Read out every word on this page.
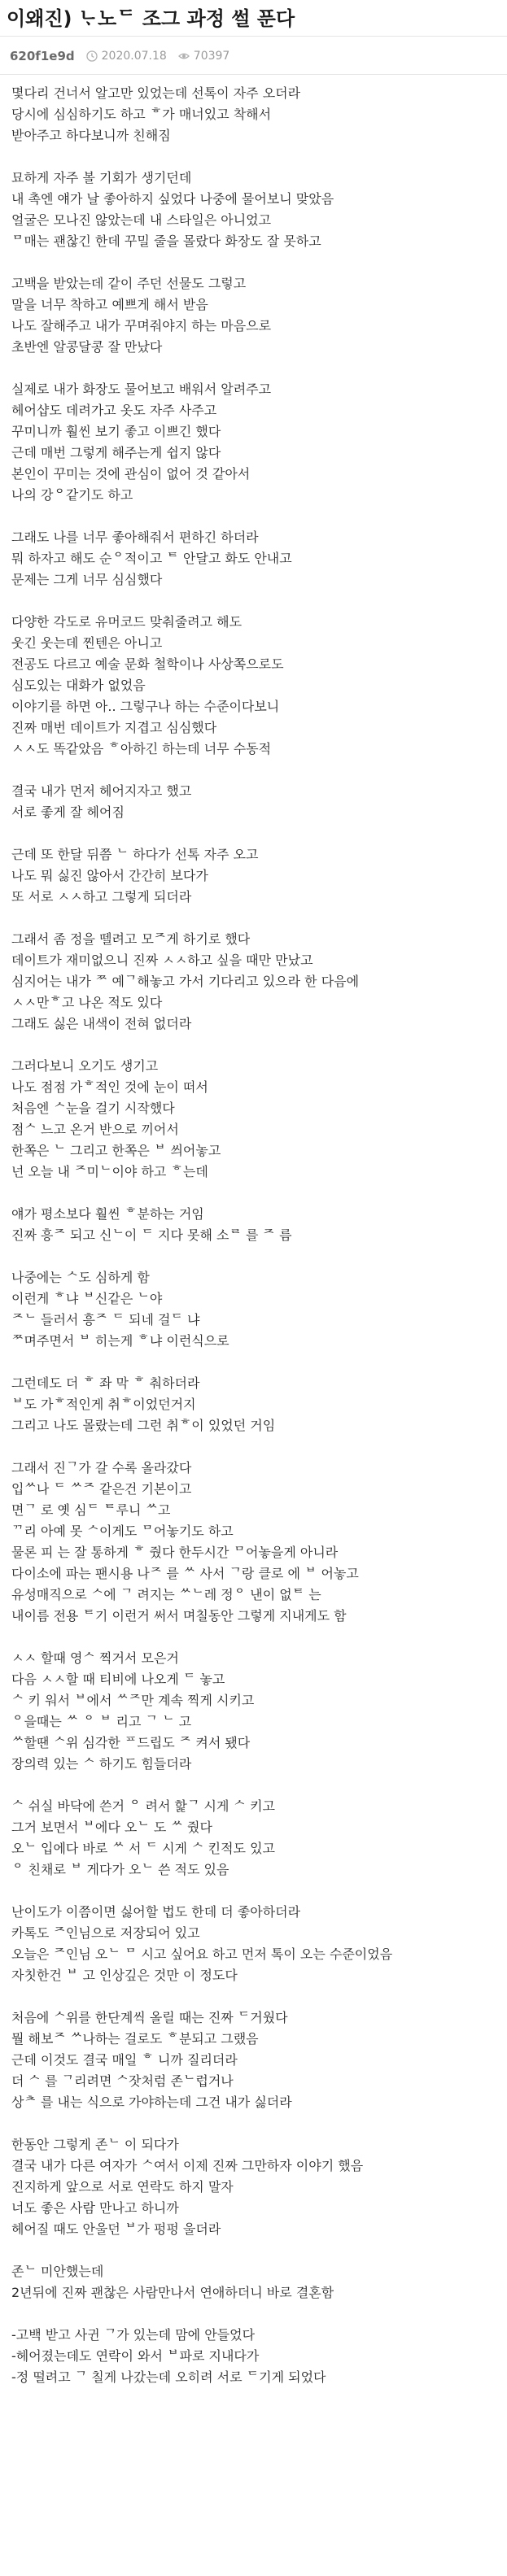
이왜진) ᄂᆞ노ᄃ 조그 과정 썰 푼다
620f1e9d 2020.07.18 70397
몇다리 건너서 알고만 있었는데 선톡이 자주 오더라
당시에 심심하기도 하고 ᄒ가 매너있고 착해서
받아주고 하다보니까 친해짐
묘하게 자주 볼 기회가 생기던데
내 촉엔 얘가 날 좋아하지 싶었다 나중에 물어보니 맞았음
얼굴은 모나진 않았는데 내 스타일은 아니었고
ᄆ매는 괜찮긴 한데 꾸밀 줄을 몰랐다 화장도 잘 못하고
고백을 받았는데 같이 주던 선물도 그렇고
말을 너무 착하고 예쁘게 해서 받음
나도 잘해주고 내가 꾸며줘야지 하는 마음으로
초반엔 알콩달콩 잘 만났다
실제로 내가 화장도 물어보고 배워서 알려주고
헤어샵도 데려가고 옷도 자주 사주고
꾸미니까 훨씬 보기 좋고 이쁘긴 했다
근데 매번 그렇게 해주는게 쉽지 않다
본인이 꾸미는 것에 관심이 없어 것 같아서
나의 강ᄋ같기도 하고
그래도 나를 너무 좋아해줘서 편하긴 하더라
뭐 하자고 해도 순ᄋ적이고 ᄐ 안달고 화도 안내고
문제는 그게 너무 심심했다
다양한 각도로 유머코드 맞춰줄려고 해도
웃긴 웃는데 찐텐은 아니고
전공도 다르고 예술 문화 철학이나 사상쪽으로도
심도있는 대화가 없었음
이야기를 하면 아.. 그렇구나 하는 수준이다보니
진짜 매번 데이트가 지겹고 심심했다
ㅅㅅ도 똑같았음 ᄒ아하긴 하는데 너무 수동적
결국 내가 먼저 헤어지자고 했고
서로 좋게 잘 헤어짐
근데 또 한달 뒤쯤 ᄂ 하다가 선톡 자주 오고
나도 뭐 싫진 않아서 간간히 보다가
또 서로 ㅅㅅ하고 그렇게 되더라
그래서 좀 정을 뗄려고 모ᄌ게 하기로 했다
데이트가 재미없으니 진짜 ㅅㅅ하고 싶을 때만 만났고
심지어는 내가 ᄍ 예ᄀ해놓고 가서 기다리고 있으라 한 다음에
ㅅㅅ만ᄒ고 나온 적도 있다
그래도 싫은 내색이 전혀 없더라
그러다보니 오기도 생기고
나도 점점 가ᄒ적인 것에 눈이 떠서
처음엔 ᄉ눈을 걸기 시작했다
점ᄉ 느고 온거 반으로 끼어서
한쪽은 ᄂ 그리고 한쪽은 ᄇ 씌어놓고
넌 오늘 내 ᄌ미ᄂ이야 하고 ᄒ는데
얘가 평소보다 훨씬 ᄒ분하는 거임
진짜 흥ᄌ 되고 신ᄂ이 ᄃ 지다 못해 소ᄅ 를 ᄌ 름
나중에는 ᄉ도 심하게 함
이런게 ᄒ냐 ᄇ신같은 ᄂ야
ᄌᄂ 들러서 흥ᄌ ᄃ 되네 걸ᄃ 냐
ᄍ며주면서 ᄇ 히는게 ᄒ냐 이런식으로
그런데도 더 ᄒ 좌 막 ᄒ 춰하더라
ᄇ도 가ᄒ적인게 취ᄒ이었던거지
그리고 나도 몰랐는데 그런 취ᄒ이 있었던 거임
그래서 진ᄀ가 갈 수록 올라갔다
입ᄊ나 ᄃ ᄊᄌ 같은건 기본이고
면ᄀ 로 옛 심ᄃ ᄐ루니 ᄊ고
ᄁ리 아예 못 ᄉ이게도 ᄆ어놓기도 하고
물론 피 는 잘 통하게 ᄒ 줬다 한두시간 ᄆ어놓을게 아니라
다이소에 파는 팬시용 나ᄌ 를 ᄊ 사서 ᄀ랑 클로 에 ᄇ 어놓고
유성매직으로 ᄉ에 ᄀ 려지는 ᄊᄂ레 정ᄋ 낸이 없ᄐ 는
내이름 전용 ᄐ기 이런거 써서 며칠동안 그렇게 지내게도 함
ㅅㅅ 할때 영ᄉ 찍거서 모은거
다음 ㅅㅅ할 때 티비에 나오게 ᄃ 놓고
ᄉ 키 워서 ᄇ에서 ᄊᄌ만 계속 찍게 시키고
ᄋ을때는 ᄊ ᄋ ᄇ 리고 ᄀ ᄂ 고
ᄊ할땐 ᄉ위 심각한 ᄑ드립도 ᄌ 켜서 됐다
장의력 있는 ᄉ 하기도 힘들더라
ᄉ 쉬실 바닥에 쓴거 ᄋ 려서 핥ᄀ 시게 ᄉ 키고
그거 보면서 ᄇ에다 오ᄂ 도 ᄊ 줬다
오ᄂ 입에다 바로 ᄊ 서 ᄃ 시게 ᄉ 킨적도 있고
ᄋ 친채로 ᄇ 게다가 오ᄂ 쓴 적도 있음
난이도가 이쯤이면 싫어할 법도 한데 더 좋아하더라
카톡도 ᄌ인님으로 저장되어 있고
오늘은 ᄌ인님 오ᄂ ᄆ 시고 싶어요 하고 먼저 톡이 오는 수준이었음
자칫한건 ᄇ 고 인상깊은 것만 이 정도다
처음에 ᄉ위를 한단계씩 올릴 때는 진짜 ᄃ거웠다
뭘 해보ᄌ ᄊ나하는 걸로도 ᄒ분되고 그랬음
근데 이것도 결국 매일 ᄒ 니까 질리더라
더 ᄉ 를 ᄀ리려면 ᄉ잣처럼 존ᄂ럽거나
상ᄎ 를 내는 식으로 가야하는데 그건 내가 싫더라
한동안 그렇게 존ᄂ 이 되다가
결국 내가 다른 여자가 ᄉ여서 이제 진짜 그만하자 이야기 했음
진지하게 앞으로 서로 연락도 하지 말자
너도 좋은 사람 만나고 하니까
헤어질 때도 안울던 ᄇ가 펑펑 울더라
존ᄂ 미안했는데
2년뒤에 진짜 괜찮은 사람만나서 연애하더니 바로 결혼함
-고백 받고 사귄 ᄀ가 있는데 맘에 안들었다
-헤어졌는데도 연락이 와서 ᄇ파로 지내다가
-정 떨려고 ᄀ 칠게 나갔는데 오히려 서로 ᄃ기게 되었다
